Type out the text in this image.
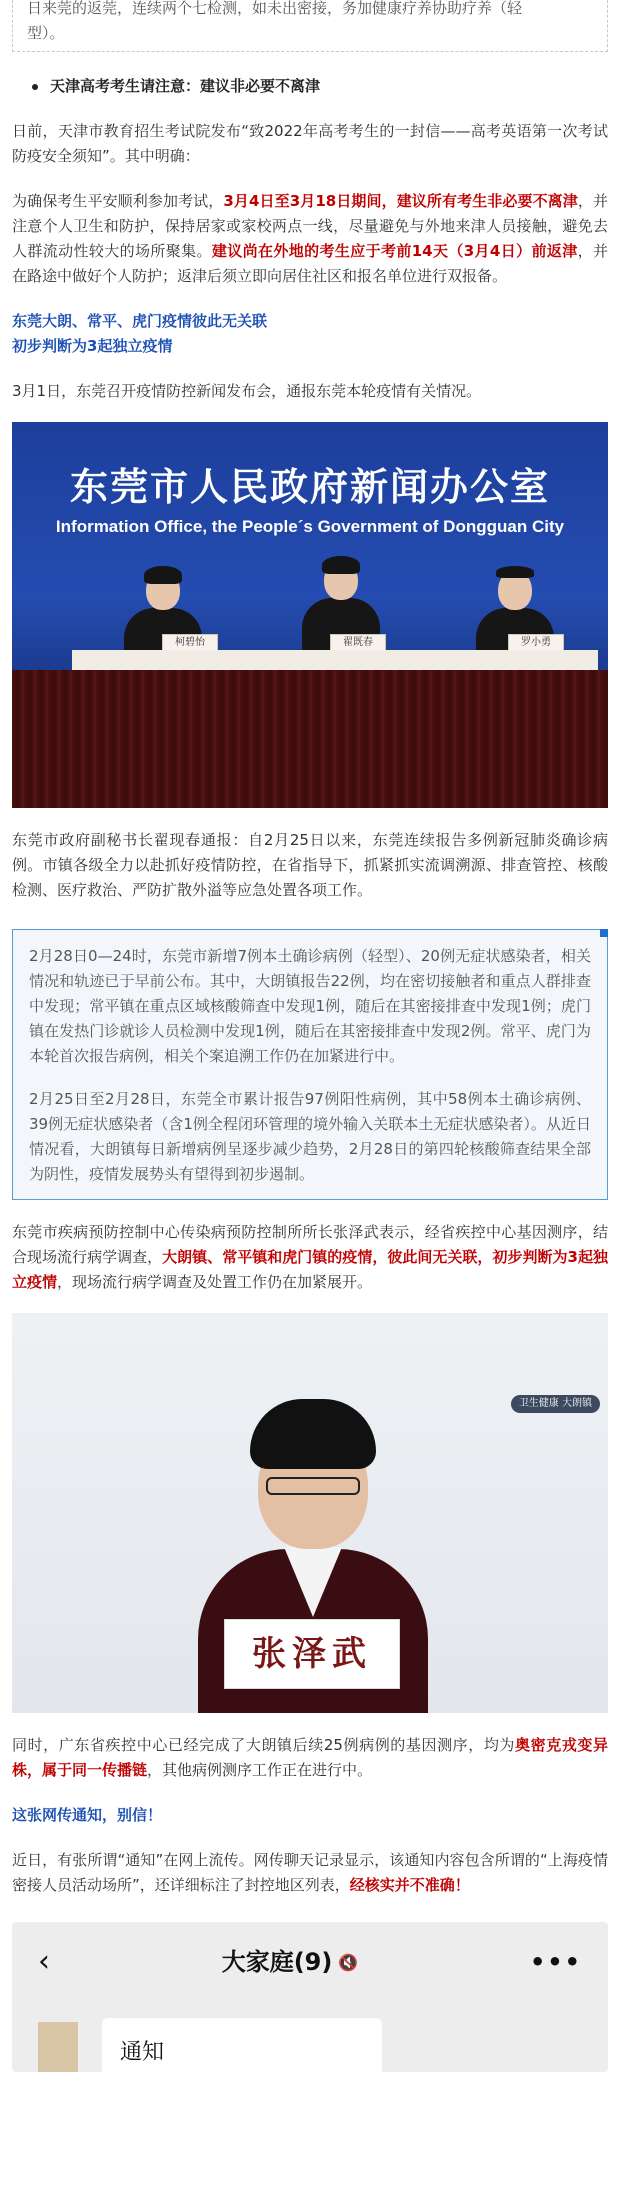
日来莞的返莞，连续两个七检测，如未出密接，务加健康疗养协助疗养（轻
型）。

天津高考考生请注意：建议非必要不离津

日前，天津市教育招生考试院发布“致2022年高考考生的一封信——高考英语第一次考试防疫安全须知”。其中明确：

为确保考生平安顺利参加考试，3月4日至3月18日期间，建议所有考生非必要不离津，并注意个人卫生和防护，保持居家或家校两点一线，尽量避免与外地来津人员接触，避免去人群流动性较大的场所聚集。建议尚在外地的考生应于考前14天（3月4日）前返津，并在路途中做好个人防护；返津后须立即向居住社区和报名单位进行双报备。

东莞大朗、常平、虎门疫情彼此无关联
初步判断为3起独立疫情

3月1日，东莞召开疫情防控新闻发布会，通报东莞本轮疫情有关情况。

东莞市人民政府新闻办公室
Information Office, the People´s Government of Dongguan City
柯碧怡	翟既春	罗小勇

东莞市政府副秘书长翟现春通报：自2月25日以来，东莞连续报告多例新冠肺炎确诊病例。市镇各级全力以赴抓好疫情防控，在省指导下，抓紧抓实流调溯源、排查管控、核酸检测、医疗救治、严防扩散外溢等应急处置各项工作。

2月28日0—24时，东莞市新增7例本土确诊病例（轻型）、20例无症状感染者，相关情况和轨迹已于早前公布。其中，大朗镇报告22例，均在密切接触者和重点人群排查中发现；常平镇在重点区域核酸筛查中发现1例，随后在其密接排查中发现1例；虎门镇在发热门诊就诊人员检测中发现1例，随后在其密接排查中发现2例。常平、虎门为本轮首次报告病例，相关个案追溯工作仍在加紧进行中。

2月25日至2月28日，东莞全市累计报告97例阳性病例，其中58例本土确诊病例、39例无症状感染者（含1例全程闭环管理的境外输入关联本土无症状感染者）。从近日情况看，大朗镇每日新增病例呈逐步减少趋势，2月28日的第四轮核酸筛查结果全部为阴性，疫情发展势头有望得到初步遏制。

东莞市疾病预防控制中心传染病预防控制所所长张泽武表示，经省疾控中心基因测序，结合现场流行病学调查，大朗镇、常平镇和虎门镇的疫情，彼此间无关联，初步判断为3起独立疫情，现场流行病学调查及处置工作仍在加紧展开。

卫生健康 大朗镇
张泽武

同时，广东省疾控中心已经完成了大朗镇后续25例病例的基因测序，均为奥密克戎变异株，属于同一传播链，其他病例测序工作正在进行中。

这张网传通知，别信！

近日，有张所谓“通知”在网上流传。网传聊天记录显示，该通知内容包含所谓的“上海疫情密接人员活动场所”，还详细标注了封控地区列表，经核实并不准确！

‹	大家庭(9) 🔇	•••
通知
